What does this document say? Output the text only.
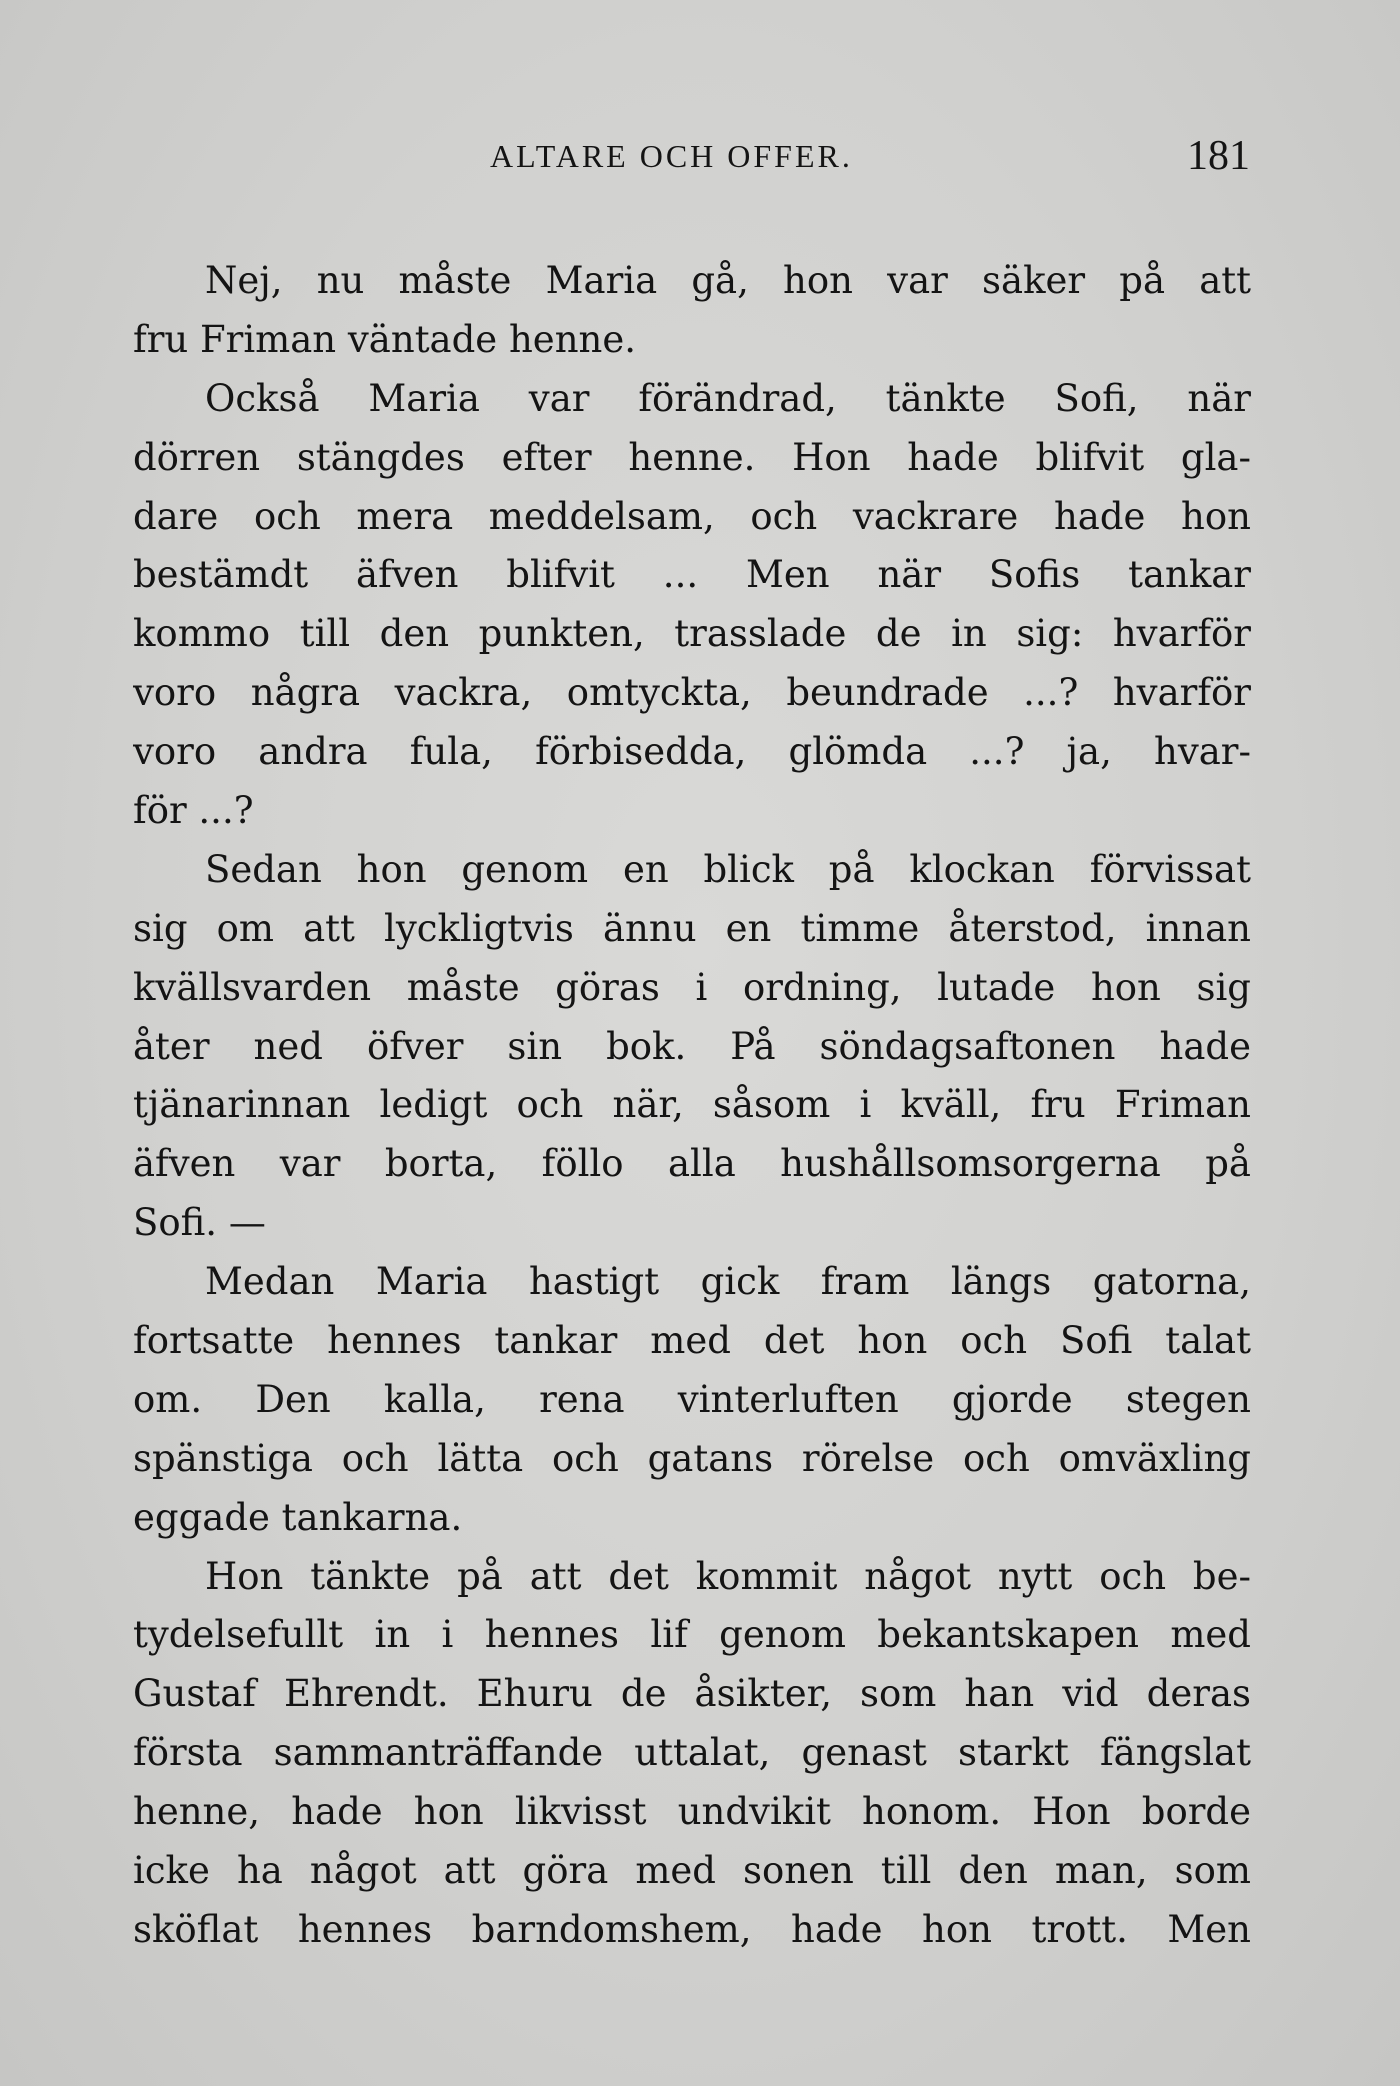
ALTARE OCH OFFER.	181
Nej, nu måste Maria gå, hon var säker på att
fru Friman väntade henne.
Också Maria var förändrad, tänkte Sofi, när
dörren stängdes efter henne. Hon hade blifvit gla-
dare och mera meddelsam, och vackrare hade hon
bestämdt äfven blifvit ... Men när Sofis tankar
kommo till den punkten, trasslade de in sig: hvarför
voro några vackra, omtyckta, beundrade ...? hvarför
voro andra fula, förbisedda, glömda ...? ja, hvar-
för ...?
Sedan hon genom en blick på klockan förvissat
sig om att lyckligtvis ännu en timme återstod, innan
kvällsvarden måste göras i ordning, lutade hon sig
åter ned öfver sin bok. På söndagsaftonen hade
tjänarinnan ledigt och när, såsom i kväll, fru Friman
äfven var borta, föllo alla hushållsomsorgerna på
Sofi. —
Medan Maria hastigt gick fram längs gatorna,
fortsatte hennes tankar med det hon och Sofi talat
om. Den kalla, rena vinterluften gjorde stegen
spänstiga och lätta och gatans rörelse och omväxling
eggade tankarna.
Hon tänkte på att det kommit något nytt och be-
tydelsefullt in i hennes lif genom bekantskapen med
Gustaf Ehrendt. Ehuru de åsikter, som han vid deras
första sammanträffande uttalat, genast starkt fängslat
henne, hade hon likvisst undvikit honom. Hon borde
icke ha något att göra med sonen till den man, som
sköflat hennes barndomshem, hade hon trott. Men
